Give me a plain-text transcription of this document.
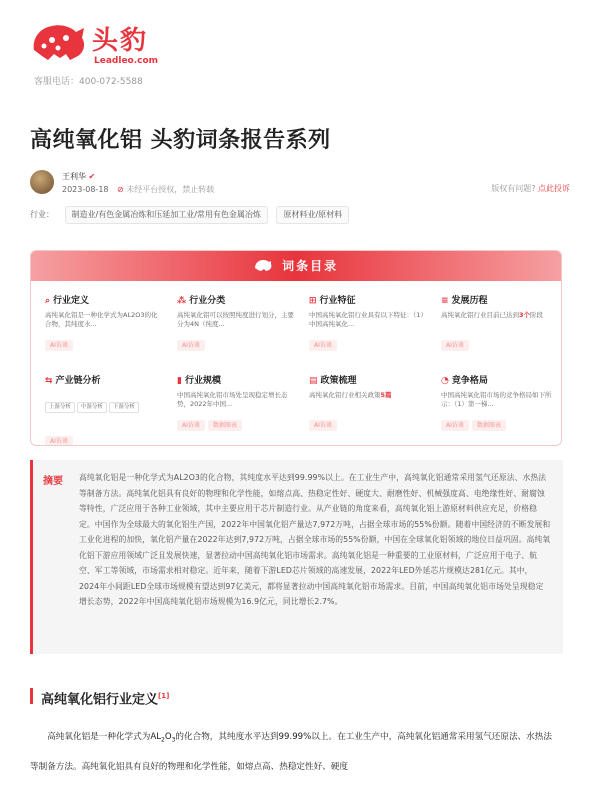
头豹
Leadleo.com
客服电话：400-072-5588
高纯氧化铝 头豹词条报告系列
王利华 ✔
2023-08-18 ⊘ 未经平台授权，禁止转载	版权有问题? 点此投诉
行业： 制造业/有色金属冶炼和压延加工业/常用有色金属冶炼	原材料业/原材料
词条目录
⌕ 行业定义
高纯氧化铝是一种化学式为AL2O3的化合物，其纯度水...
AI访谈
⁂ 行业分类
高纯氧化铝可以按照纯度进行划分，主要分为4N（纯度...
AI访谈
⊞ 行业特征
中国高纯氧化铝行业具有以下特征：（1）中国高纯氧化...
AI访谈
≡ 发展历程
高纯氧化铝行业目前已达到3个阶段
AI访谈
⇆ 产业链分析
上游分析 中游分析 下游分析
AI访谈
▮ 行业规模
中国高纯氧化铝市场处呈现稳定增长态势，2022年中国...
AI访谈 数据图表
▤ 政策梳理
高纯氧化铝行业相关政策5篇
AI访谈
◔ 竞争格局
中国高纯氧化铝市场的竞争格局如下所示：（1）第一梯...
AI访谈 数据图表
摘要 高纯氧化铝是一种化学式为AL2O3的化合物，其纯度水平达到99.99%以上。在工业生产中，高纯氧化铝通常采用氢气还原法、水热法等制备方法。高纯氧化铝具有良好的物理和化学性能，如熔点高、热稳定性好、硬度大、耐磨性好、机械强度高、电绝缘性好、耐腐蚀等特性，广泛应用于各种工业领域，其中主要应用于芯片制造行业。从产业链的角度来看，高纯氧化铝上游原材料供应充足，价格稳定。中国作为全球最大的氧化铝生产国，2022年中国氧化铝产量达7,972万吨，占据全球市场的55%份额。随着中国经济的不断发展和工业化进程的加快，氧化铝产量在2022年达到7,972万吨，占据全球市场的55%份额，中国在全球氧化铝领域的地位日益巩固。高纯氧化铝下游应用领域广泛且发展快速，显著拉动中国高纯氧化铝市场需求。高纯氧化铝是一种重要的工业原材料，广泛应用于电子、航空、军工等领域，市场需求相对稳定。近年来，随着下游LED芯片领域的高速发展，2022年LED外延芯片规模达281亿元。其中，2024年小间距LED全球市场规模有望达到97亿美元，都将显著拉动中国高纯氧化铝市场需求。目前，中国高纯氧化铝市场处呈现稳定增长态势，2022年中国高纯氧化铝市场规模为16.9亿元，同比增长2.7%。
高纯氧化铝行业定义[1]
高纯氧化铝是一种化学式为$AL_2O_3$的化合物，其纯度水平达到99.99%以上。在工业生产中，高纯氧化铝通常采用氢气还原法、水热法等制备方法。高纯氧化铝具有良好的物理和化学性能，如熔点高、热稳定性好、硬度
